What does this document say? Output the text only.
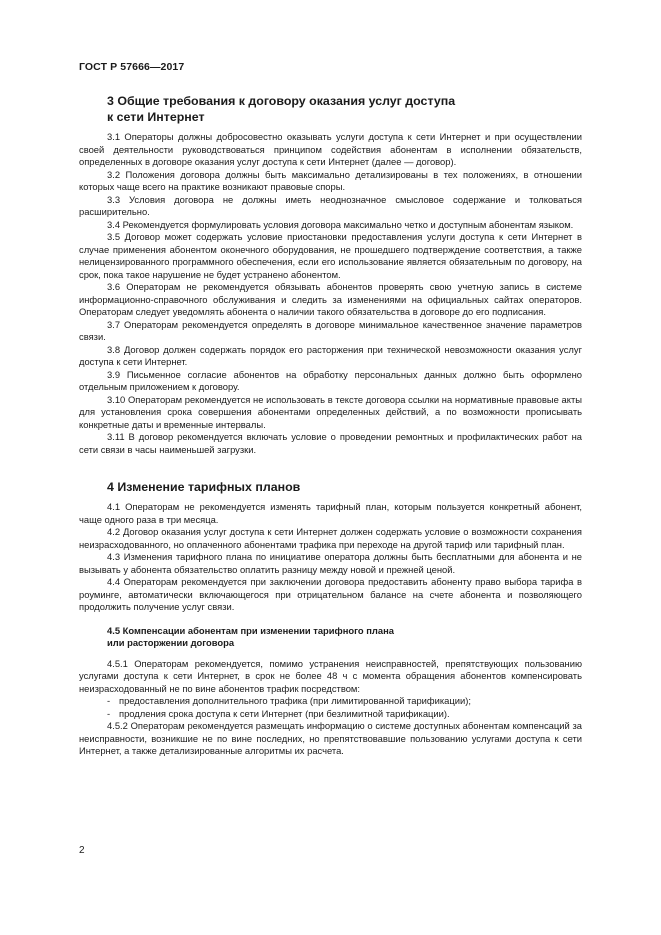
ГОСТ Р 57666—2017
3 Общие требования к договору оказания услуг доступа
к сети Интернет

3.1 Операторы должны добросовестно оказывать услуги доступа к сети Интернет и при осуществлении своей деятельности руководствоваться принципом содействия абонентам в исполнении обязательств, определенных в договоре оказания услуг доступа к сети Интернет (далее — договор).

3.2 Положения договора должны быть максимально детализированы в тех положениях, в отношении которых чаще всего на практике возникают правовые споры.

3.3 Условия договора не должны иметь неоднозначное смысловое содержание и толковаться расширительно.

3.4 Рекомендуется формулировать условия договора максимально четко и доступным абонентам языком.

3.5 Договор может содержать условие приостановки предоставления услуги доступа к сети Интернет в случае применения абонентом оконечного оборудования, не прошедшего подтверждение соответствия, а также нелицензированного программного обеспечения, если его использование является обязательным по договору, на срок, пока такое нарушение не будет устранено абонентом.

3.6 Операторам не рекомендуется обязывать абонентов проверять свою учетную запись в системе информационно-справочного обслуживания и следить за изменениями на официальных сайтах операторов. Операторам следует уведомлять абонента о наличии такого обязательства в договоре до его подписания.

3.7 Операторам рекомендуется определять в договоре минимальное качественное значение параметров связи.

3.8 Договор должен содержать порядок его расторжения при технической невозможности оказания услуг доступа к сети Интернет.

3.9 Письменное согласие абонентов на обработку персональных данных должно быть оформлено отдельным приложением к договору.

3.10 Операторам рекомендуется не использовать в тексте договора ссылки на нормативные правовые акты для установления срока совершения абонентами определенных действий, а по возможности прописывать конкретные даты и временные интервалы.

3.11 В договор рекомендуется включать условие о проведении ремонтных и профилактических работ на сети связи в часы наименьшей загрузки.

4 Изменение тарифных планов

4.1 Операторам не рекомендуется изменять тарифный план, которым пользуется конкретный абонент, чаще одного раза в три месяца.

4.2 Договор оказания услуг доступа к сети Интернет должен содержать условие о возможности сохранения неизрасходованного, но оплаченного абонентами трафика при переходе на другой тариф или тарифный план.

4.3 Изменения тарифного плана по инициативе оператора должны быть бесплатными для абонента и не вызывать у абонента обязательство оплатить разницу между новой и прежней ценой.

4.4 Операторам рекомендуется при заключении договора предоставить абоненту право выбора тарифа в роуминге, автоматически включающегося при отрицательном балансе на счете абонента и позволяющего продолжить получение услуг связи.

4.5 Компенсации абонентам при изменении тарифного плана
или расторжении договора

4.5.1 Операторам рекомендуется, помимо устранения неисправностей, препятствующих пользованию услугами доступа к сети Интернет, в срок не более 48 ч с момента обращения абонентов компенсировать неизрасходованный не по вине абонентов трафик посредством:

- предоставления дополнительного трафика (при лимитированной тарификации);

- продления срока доступа к сети Интернет (при безлимитной тарификации).

4.5.2 Операторам рекомендуется размещать информацию о системе доступных абонентам компенсаций за неисправности, возникшие не по вине последних, но препятствовавшие пользованию услугами доступа к сети Интернет, а также детализированные алгоритмы их расчета.

2
